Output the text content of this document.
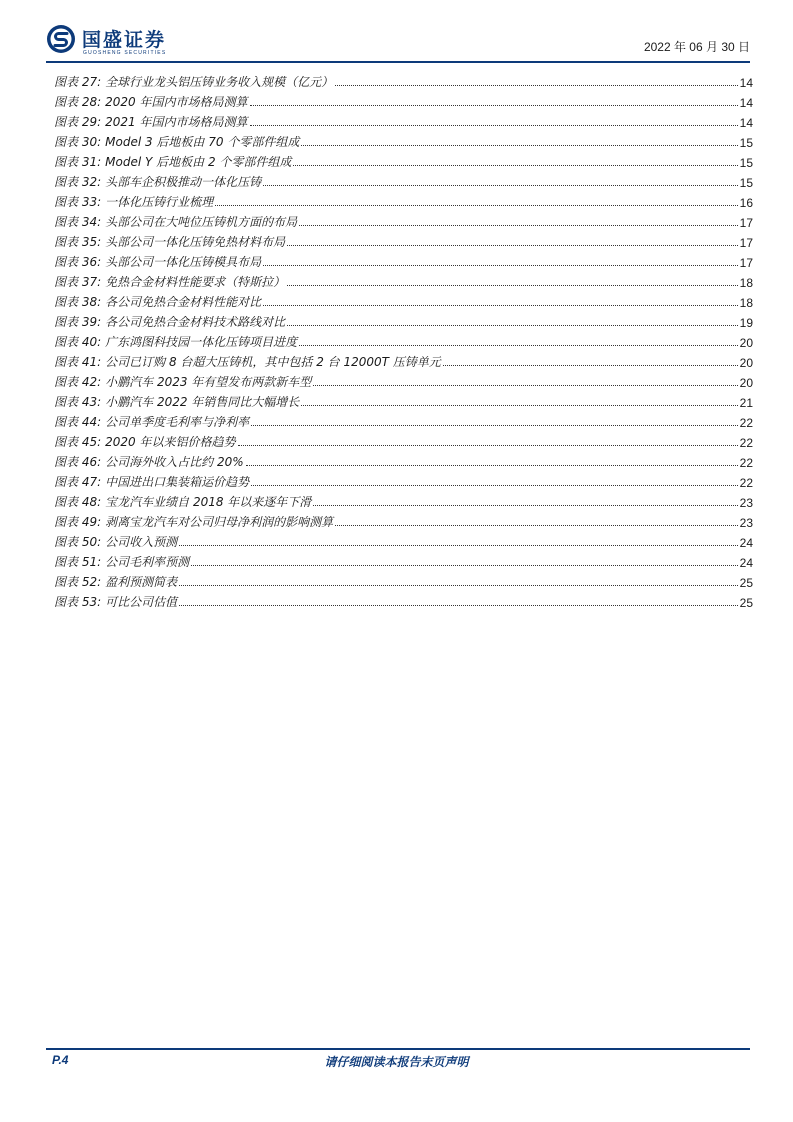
国盛证券
GUOSHENG SECURITIES	2022 年 06 月 30 日
图表 27: 全球行业龙头铝压铸业务收入规模（亿元）	14
图表 28: 2020 年国内市场格局测算	14
图表 29: 2021 年国内市场格局测算	14
图表 30: Model 3 后地板由 70 个零部件组成	15
图表 31: Model Y 后地板由 2 个零部件组成	15
图表 32: 头部车企积极推动一体化压铸	15
图表 33: 一体化压铸行业梳理	16
图表 34: 头部公司在大吨位压铸机方面的布局	17
图表 35: 头部公司一体化压铸免热材料布局	17
图表 36: 头部公司一体化压铸模具布局	17
图表 37: 免热合金材料性能要求（特斯拉）	18
图表 38: 各公司免热合金材料性能对比	18
图表 39: 各公司免热合金材料技术路线对比	19
图表 40: 广东鸿图科技园一体化压铸项目进度	20
图表 41: 公司已订购 8 台超大压铸机，其中包括 2 台 12000T 压铸单元	20
图表 42: 小鹏汽车 2023 年有望发布两款新车型	20
图表 43: 小鹏汽车 2022 年销售同比大幅增长	21
图表 44: 公司单季度毛利率与净利率	22
图表 45: 2020 年以来铝价格趋势	22
图表 46: 公司海外收入占比约 20%	22
图表 47: 中国进出口集装箱运价趋势	22
图表 48: 宝龙汽车业绩自 2018 年以来逐年下滑	23
图表 49: 剥离宝龙汽车对公司归母净利润的影响测算	23
图表 50: 公司收入预测	24
图表 51: 公司毛利率预测	24
图表 52: 盈利预测简表	25
图表 53: 可比公司估值	25
P.4	请仔细阅读本报告末页声明
